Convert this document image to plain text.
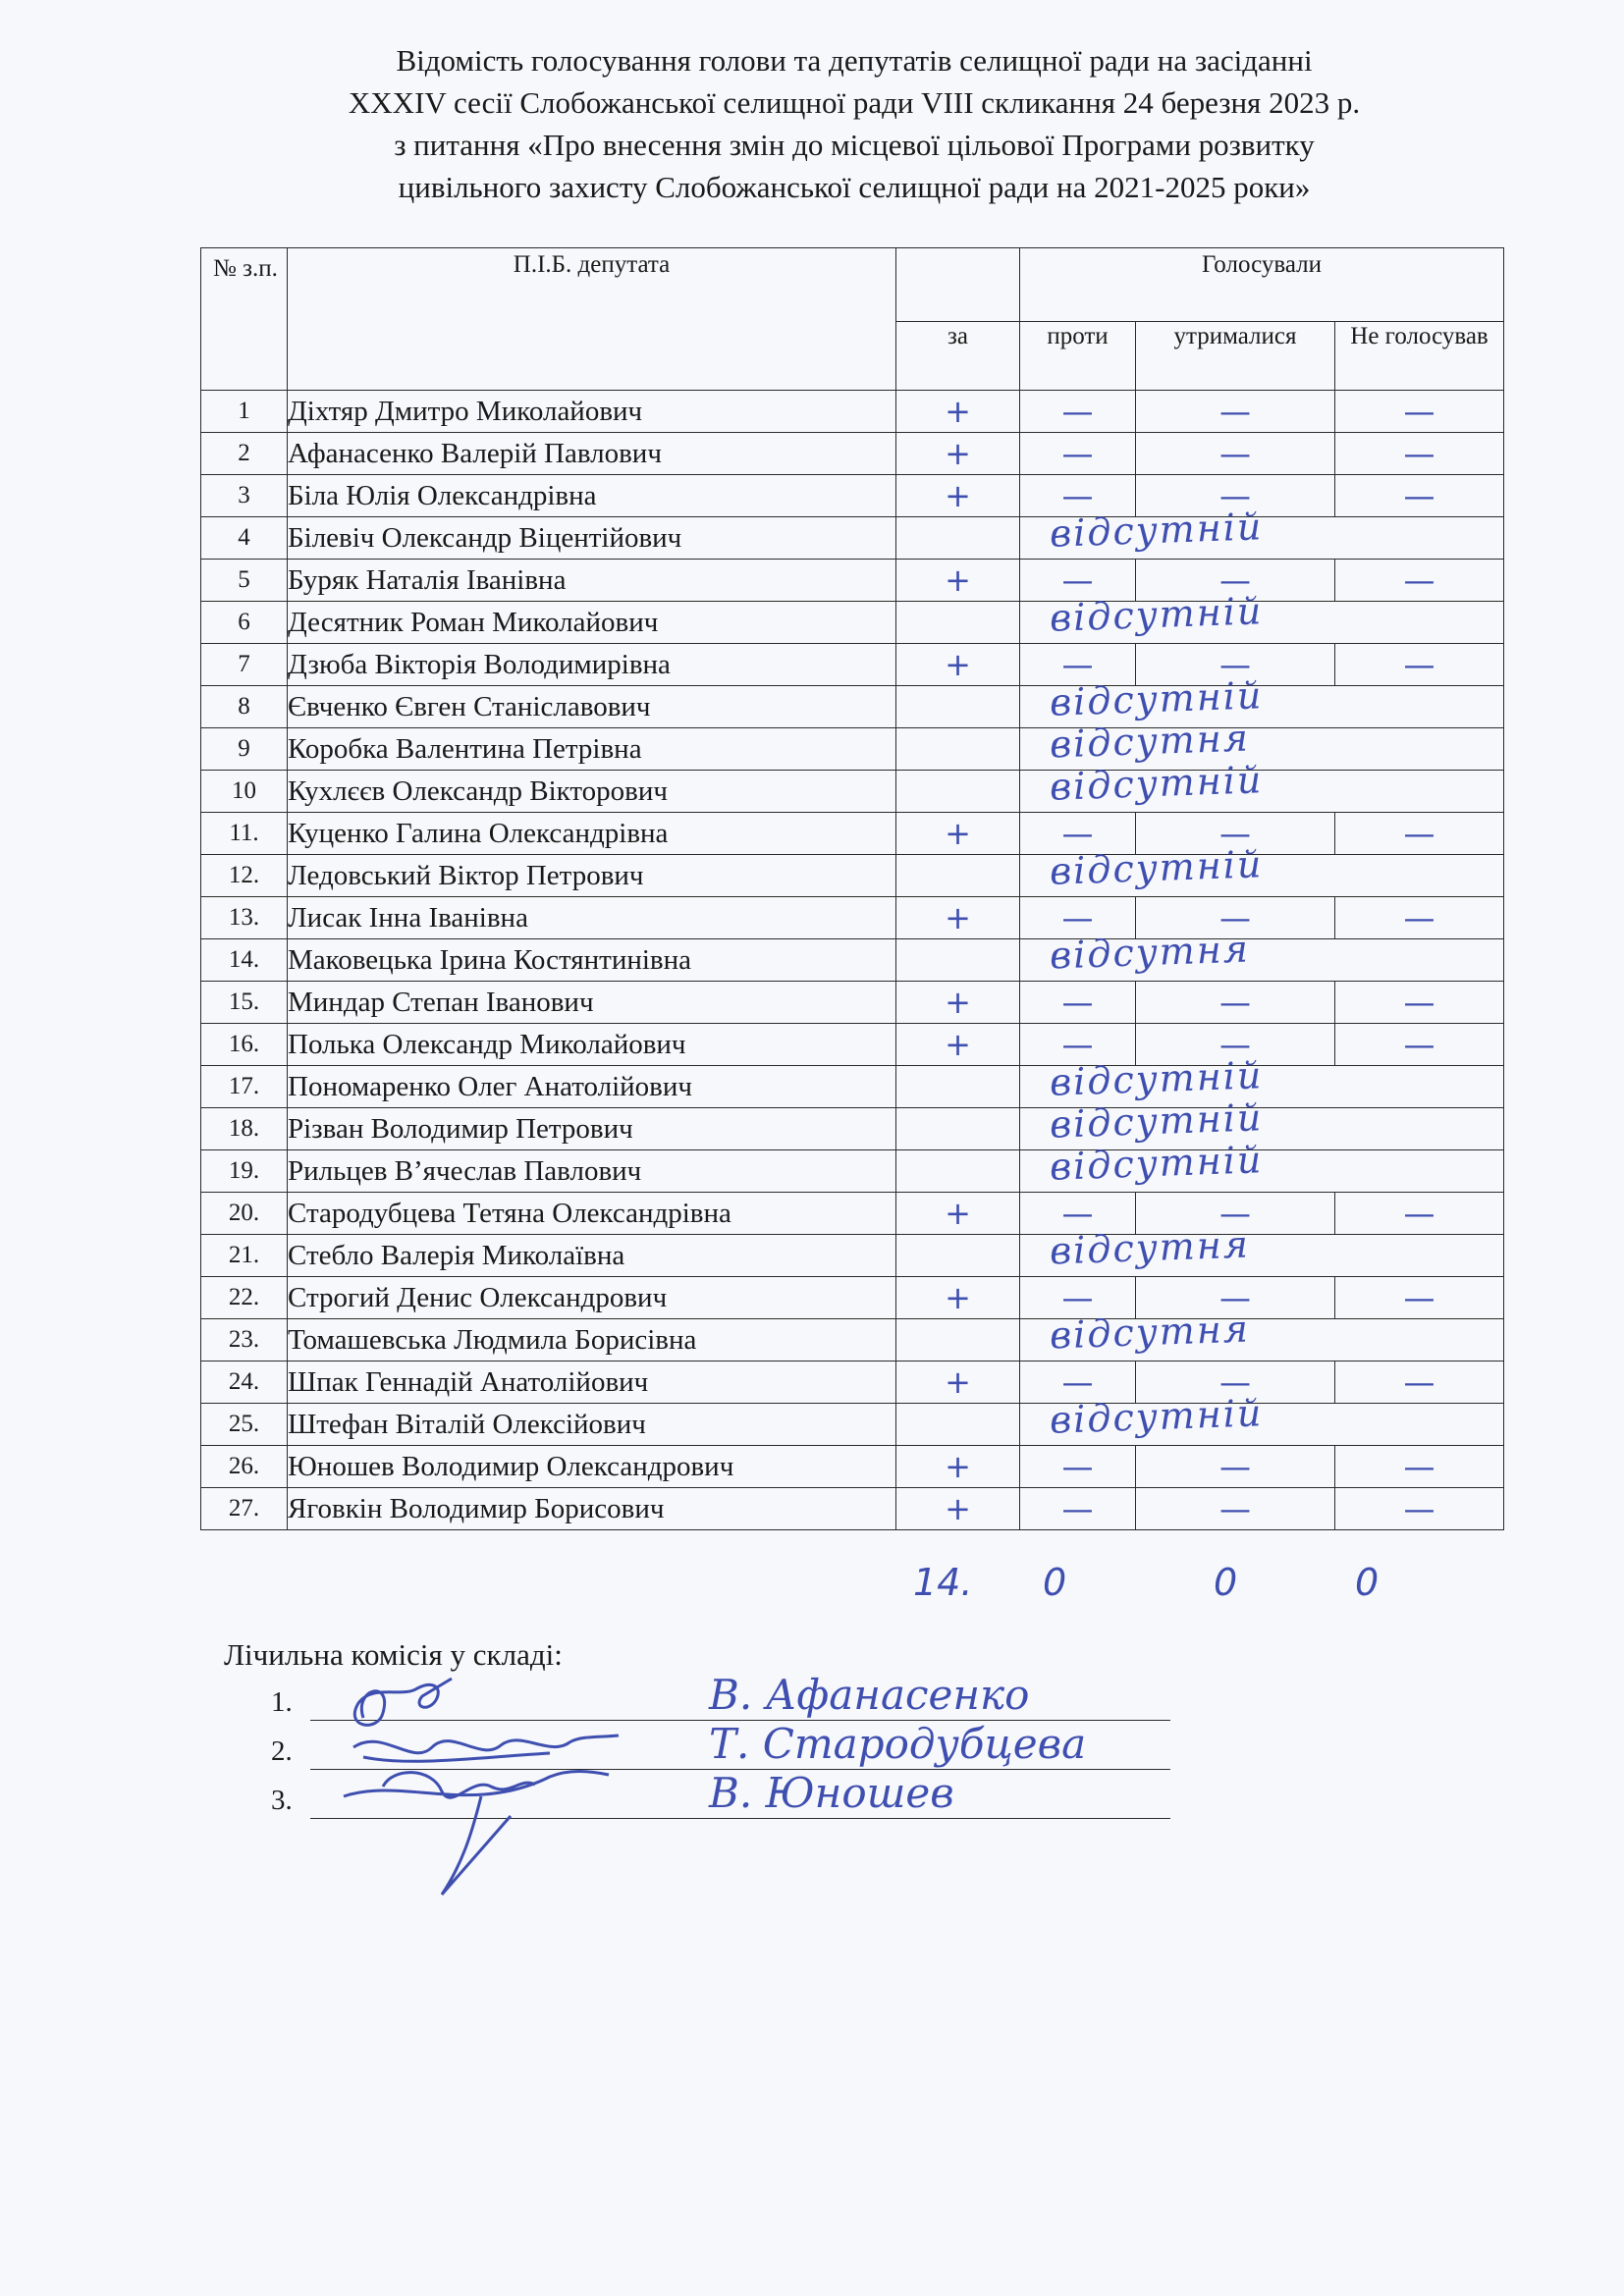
Відомість голосування голови та депутатів селищної ради на засіданні
XXXIV сесії Слобожанської селищної ради VIII скликання 24 березня 2023 р.
з питання «Про внесення змін до місцевої цільової Програми розвитку
цивільного захисту Слобожанської селищної ради на 2021-2025 роки»
№ з.п.	П.І.Б. депутата		Голосували			
		за	проти	утрималися	Не голосував	
1	Діхтяр Дмитро Миколайович	+	—	—	—	
2	Афанасенко Валерій Павлович	+	—	—	—	
3	Біла Юлія Олександрівна	+	—	—	—	
4	Білевіч Олександр Віцентійович		відсутній			

5	Буряк Наталія Іванівна	+	—	—	—	
6	Десятник Роман Миколайович		відсутній			

7	Дзюба Вікторія Володимирівна	+	—	—	—	
8	Євченко Євген Станіславович		відсутній			

9	Коробка Валентина Петрівна		відсутня			

10	Кухлєєв Олександр Вікторович		відсутній			

11.	Куценко Галина Олександрівна	+	—	—	—	
12.	Ледовський Віктор Петрович		відсутній			

13.	Лисак Інна Іванівна	+	—	—	—	
14.	Маковецька Ірина Костянтинівна		відсутня			

15.	Миндар Степан Іванович	+	—	—	—	
16.	Полька Олександр Миколайович	+	—	—	—	
17.	Пономаренко Олег Анатолійович		відсутній			

18.	Різван Володимир Петрович		відсутній			

19.	Рильцев В’ячеслав Павлович		відсутній			

20.	Стародубцева Тетяна Олександрівна	+	—	—	—	
21.	Стебло Валерія Миколаївна		відсутня			

22.	Строгий Денис Олександрович	+	—	—	—	
23.	Томашевська Людмила Борисівна		відсутня			

24.	Шпак Геннадій Анатолійович	+	—	—	—	
25.	Штефан Віталій Олексійович		відсутній			

26.	Юношев Володимир Олександрович	+	—	—	—	
27.	Яговкін Володимир Борисович	+	—	—	—	
14. 0	0	0
Лічильна комісія у складі:
1.	В. Афанасенко
2.	Т. Стародубцева
3.	В. Юношев
